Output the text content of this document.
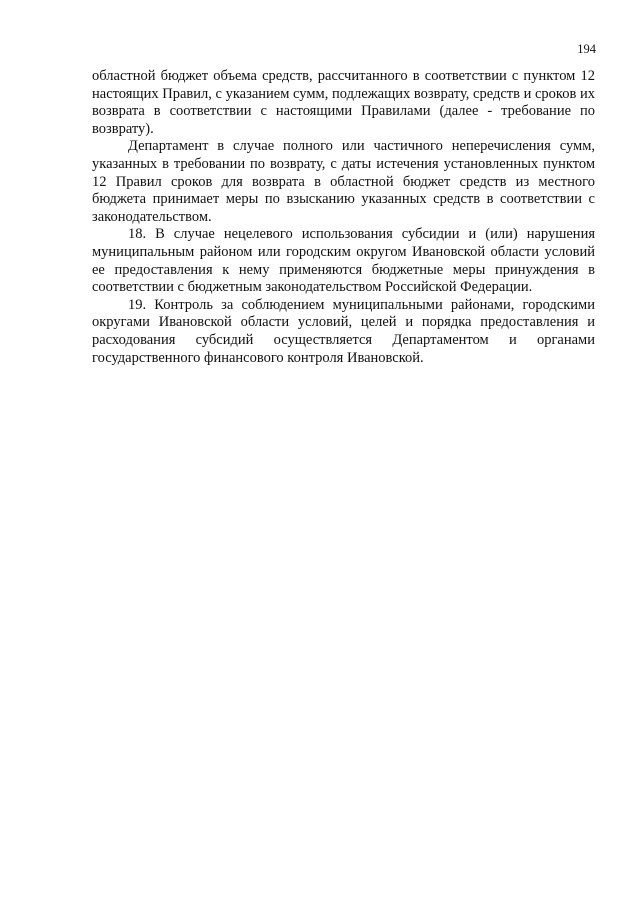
194

областной бюджет объема средств, рассчитанного в соответствии с пунктом 12 настоящих Правил, с указанием сумм, подлежащих возврату, средств и сроков их возврата в соответствии с настоящими Правилами (далее - требование по возврату).

Департамент в случае полного или частичного неперечисления сумм, указанных в требовании по возврату, с даты истечения установленных пунктом 12 Правил сроков для возврата в областной бюджет средств из местного бюджета принимает меры по взысканию указанных средств в соответствии с законодательством.

18. В случае нецелевого использования субсидии и (или) нарушения муниципальным районом или городским округом Ивановской области условий ее предоставления к нему применяются бюджетные меры принуждения в соответствии с бюджетным законодательством Российской Федерации.

19. Контроль за соблюдением муниципальными районами, городскими округами Ивановской области условий, целей и порядка предоставления и расходования субсидий осуществляется Департаментом и органами государственного финансового контроля Ивановской.
